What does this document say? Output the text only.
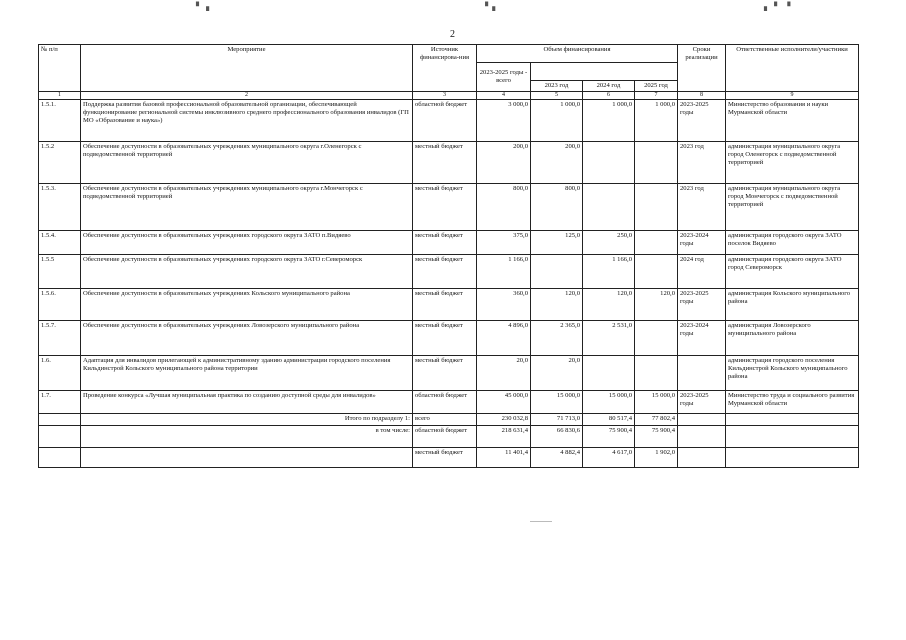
▘ ▖	▝▗	▖ ▘ ▝
2
№ п/п	Мероприятие	Источник финансирова-ния	Объем финансирования				Сроки реализации	Ответственные исполнители/участники
			2023-2025 годы - всего					
				2023 год	2024 год	2025 год		
1	2	3	4	5	6	7	8	9
1.5.1.	Поддержка развития базовой профессиональной образовательной организации, обеспечивающей функционирование региональной системы инклюзивного среднего профессионального образования инвалидов (ГП МО «Образование и наука»)	областной бюджет	3 000,0	1 000,0	1 000,0	1 000,0	2023-2025 годы	Министерство образования и науки Мурманской области
1.5.2	Обеспечение доступности в образовательных учреждениях муниципального округа г.Оленегорск с подведомственной территорией	местный бюджет	200,0	200,0			2023 год	администрация муниципального округа город Оленегорск с подведомственной территорией
1.5.3.	Обеспечение доступности в образовательных учреждениях муниципального округа г.Мончегорск с подведомственной территорией	местный бюджет	800,0	800,0			2023 год	администрация муниципального округа город Мончегорск с подведомственной территорией
1.5.4.	Обеспечение доступности в образовательных учреждениях городского округа ЗАТО п.Видяево	местный бюджет	375,0	125,0	250,0		2023-2024 годы	администрация городского округа ЗАТО поселок Видяево
1.5.5	Обеспечение доступности в образовательных учреждениях городского округа ЗАТО г.Североморск	местный бюджет	1 166,0		1 166,0		2024 год	администрация городского округа ЗАТО город Североморск
1.5.6.	Обеспечение доступности в образовательных учреждениях Кольского муниципального района	местный бюджет	360,0	120,0	120,0	120,0	2023-2025 годы	администрация Кольского муниципального района
1.5.7.	Обеспечение доступности в образовательных учреждениях Ловозерского муниципального района	местный бюджет	4 896,0	2 365,0	2 531,0		2023-2024 годы	администрация Ловозерского муниципального района
1.6.	Адаптация для инвалидов прилегающей к административному зданию администрации городского поселения Кильдинстрой Кольского муниципального района территории	местный бюджет	20,0	20,0				администрация городского поселения Кильдинстрой Кольского муниципального района
1.7.	Проведение конкурса «Лучшая муниципальная практика по созданию доступной среды для инвалидов»	областной бюджет	45 000,0	15 000,0	15 000,0	15 000,0	2023-2025 годы	Министерство труда и социального развития Мурманской области
	Итого по подразделу 1:	всего	230 032,8	71 713,0	80 517,4	77 802,4		
	в том числе:	областной бюджет	218 631,4	66 830,6	75 900,4	75 900,4		
		местный бюджет	11 401,4	4 882,4	4 617,0	1 902,0		
